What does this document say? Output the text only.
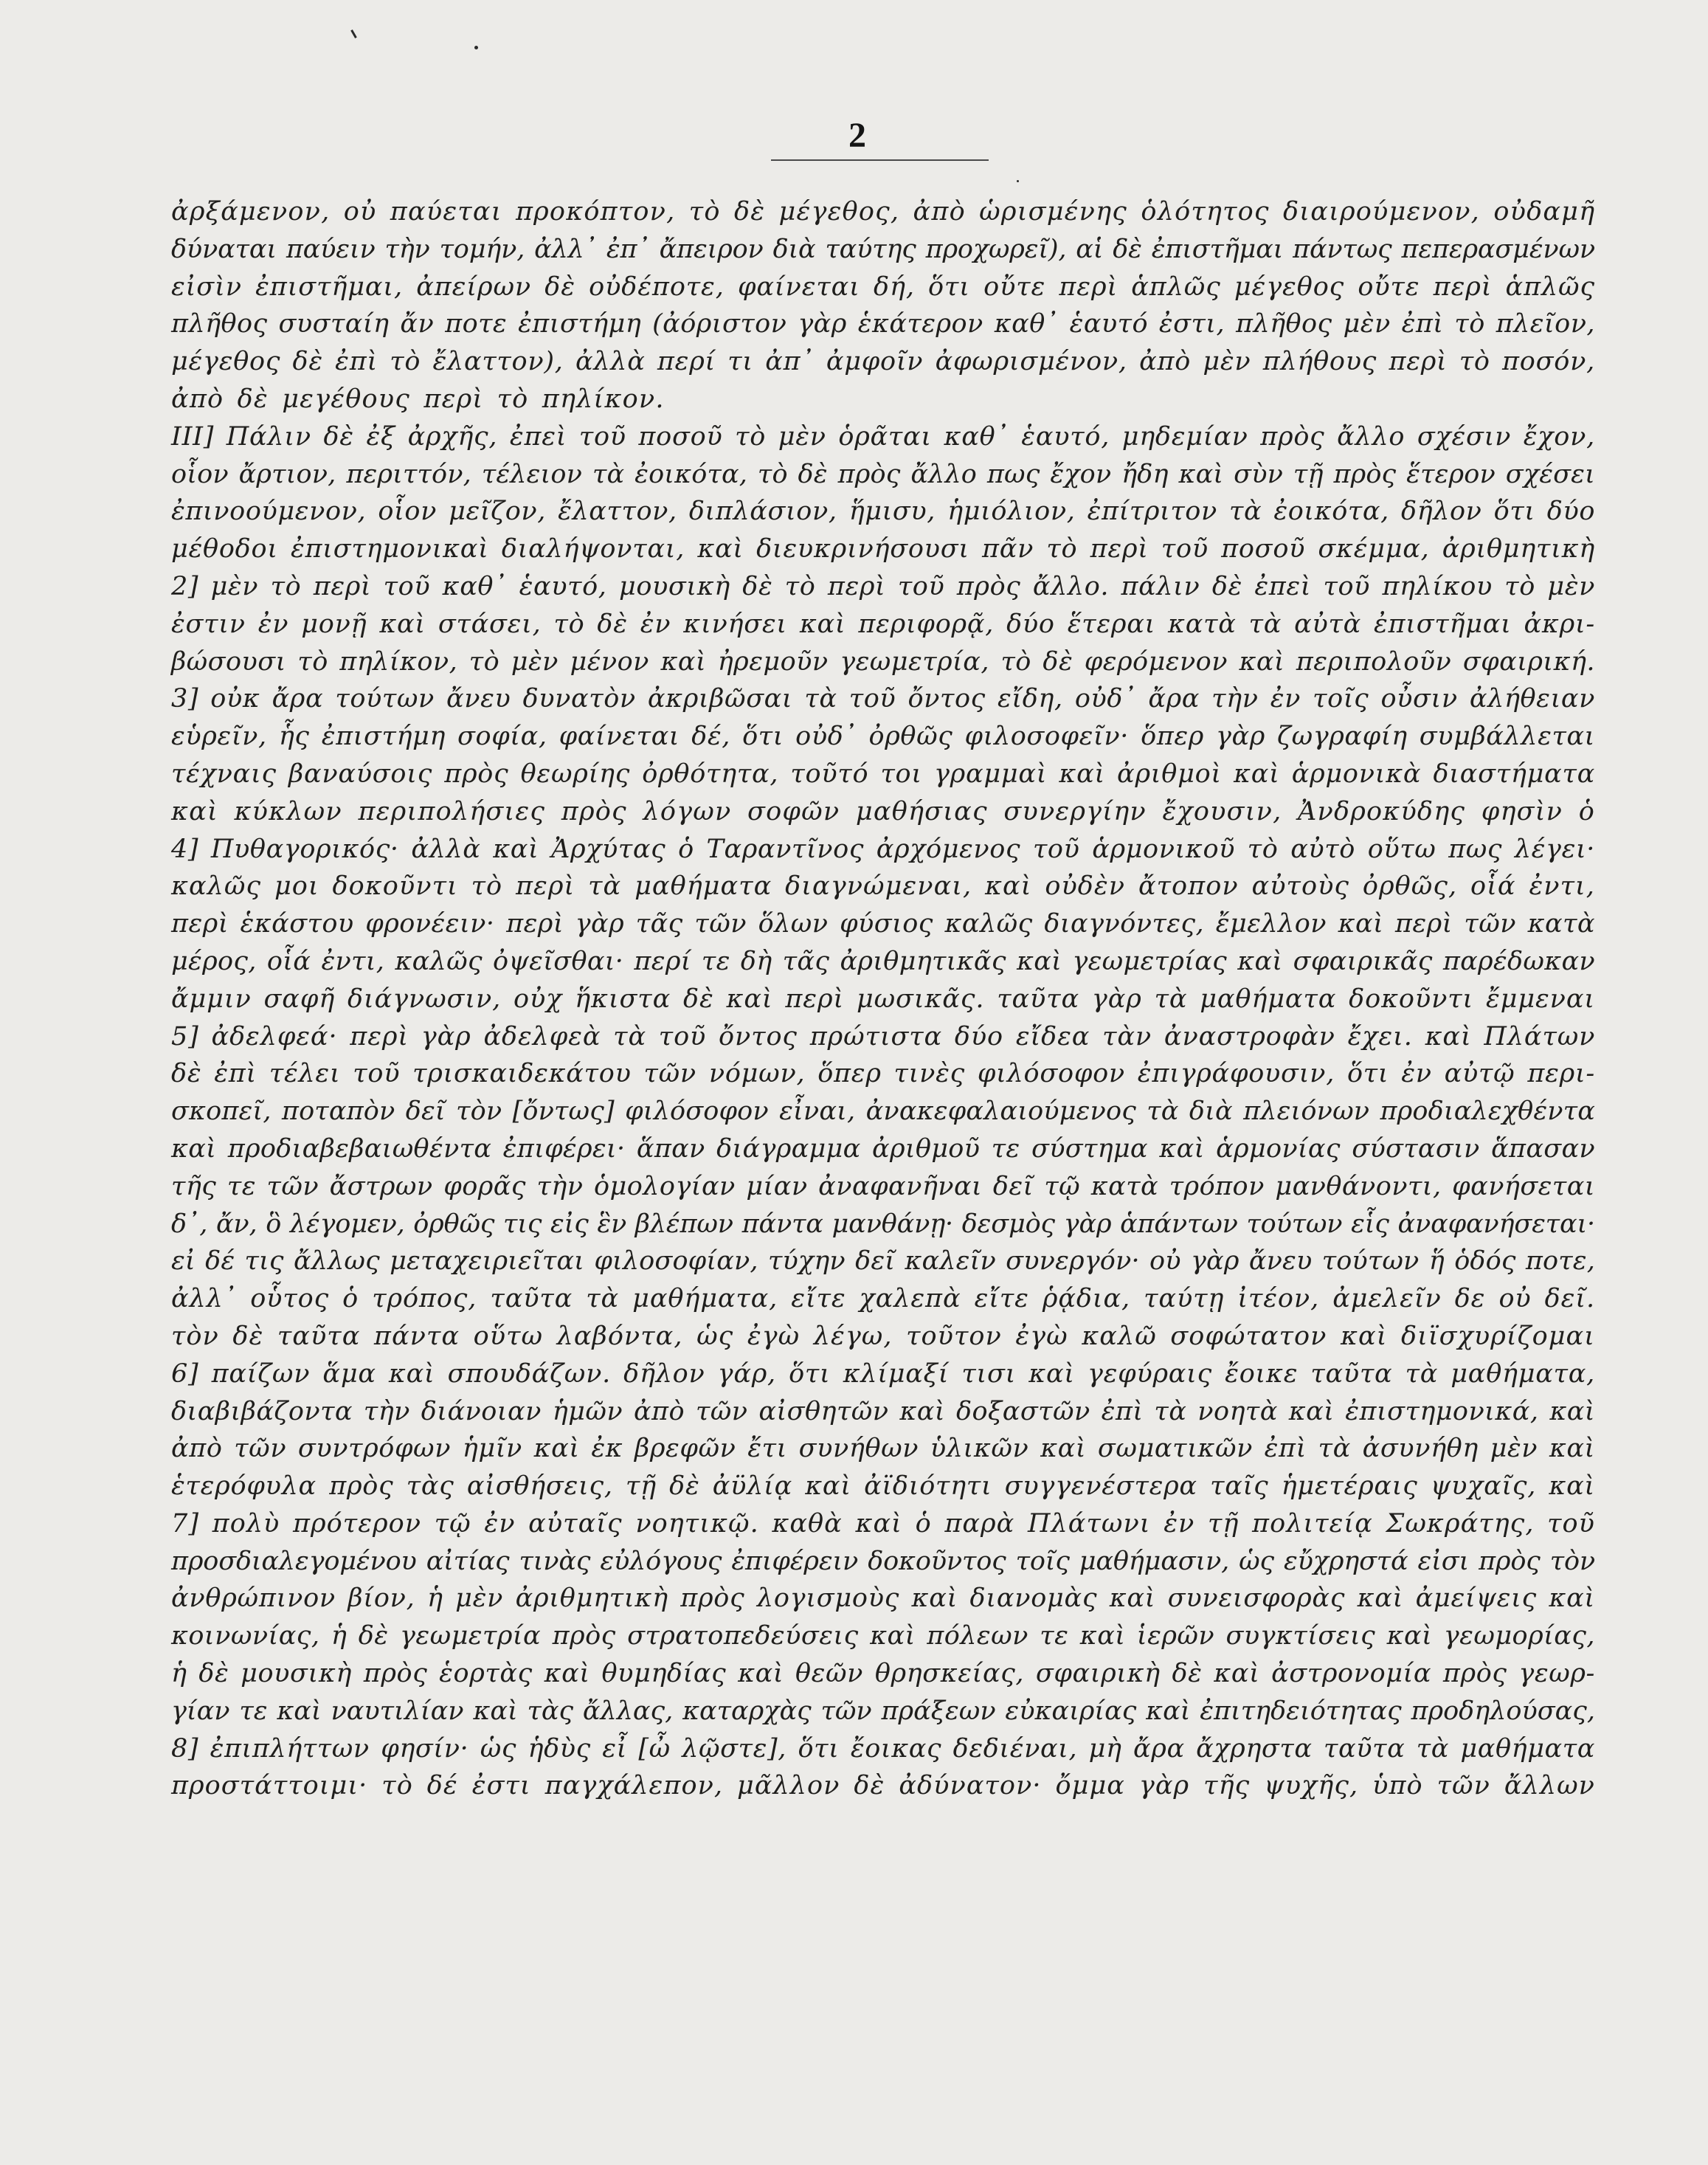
2
ἀρξάμενον, οὐ παύεται προκόπτον, τὸ δὲ μέγεθος, ἀπὸ ὡρισμένης ὁλότητος διαιρούμενον, οὐδαμῆ
δύναται παύειν τὴν τομήν, ἀλλ᾽ ἐπ᾽ ἄπειρον διὰ ταύτης προχωρεῖ), αἱ δὲ ἐπιστῆμαι πάντως πεπερασμένων
εἰσὶν ἐπιστῆμαι, ἀπείρων δὲ οὐδέποτε, φαίνεται δή, ὅτι οὔτε περὶ ἁπλῶς μέγεθος οὔτε περὶ ἁπλῶς
πλῆθος συσταίη ἄν ποτε ἐπιστήμη (ἀόριστον γὰρ ἑκάτερον καθ᾽ ἑαυτό ἐστι, πλῆθος μὲν ἐπὶ τὸ πλεῖον,
μέγεθος δὲ ἐπὶ τὸ ἔλαττον), ἀλλὰ περί τι ἀπ᾽ ἀμφοῖν ἀφωρισμένον, ἀπὸ μὲν πλήθους περὶ τὸ ποσόν,
ἀπὸ δὲ μεγέθους περὶ τὸ πηλίκον.
III] Πάλιν δὲ ἐξ ἀρχῆς, ἐπεὶ τοῦ ποσοῦ τὸ μὲν ὁρᾶται καθ᾽ ἑαυτό, μηδεμίαν πρὸς ἄλλο σχέσιν ἔχον,
οἷον ἄρτιον, περιττόν, τέλειον τὰ ἐοικότα, τὸ δὲ πρὸς ἄλλο πως ἔχον ἤδη καὶ σὺν τῇ πρὸς ἕτερον σχέσει
ἐπινοούμενον, οἷον μεῖζον, ἔλαττον, διπλάσιον, ἥμισυ, ἡμιόλιον, ἐπίτριτον τὰ ἐοικότα, δῆλον ὅτι δύο
μέθοδοι ἐπιστημονικαὶ διαλήψονται, καὶ διευκρινήσουσι πᾶν τὸ περὶ τοῦ ποσοῦ σκέμμα, ἀριθμητικὴ
2] μὲν τὸ περὶ τοῦ καθ᾽ ἑαυτό, μουσικὴ δὲ τὸ περὶ τοῦ πρὸς ἄλλο. πάλιν δὲ ἐπεὶ τοῦ πηλίκου τὸ μὲν
ἐστιν ἐν μονῇ καὶ στάσει, τὸ δὲ ἐν κινήσει καὶ περιφορᾷ, δύο ἕτεραι κατὰ τὰ αὐτὰ ἐπιστῆμαι ἀκρι-
βώσουσι τὸ πηλίκον, τὸ μὲν μένον καὶ ἠρεμοῦν γεωμετρία, τὸ δὲ φερόμενον καὶ περιπολοῦν σφαιρική.
3] οὐκ ἄρα τούτων ἄνευ δυνατὸν ἀκριβῶσαι τὰ τοῦ ὄντος εἴδη, οὐδ᾽ ἄρα τὴν ἐν τοῖς οὖσιν ἀλήθειαν
εὑρεῖν, ἧς ἐπιστήμη σοφία, φαίνεται δέ, ὅτι οὐδ᾽ ὀρθῶς φιλοσοφεῖν· ὅπερ γὰρ ζωγραφίη συμβάλλεται
τέχναις βαναύσοις πρὸς θεωρίης ὀρθότητα, τοῦτό τοι γραμμαὶ καὶ ἀριθμοὶ καὶ ἁρμονικὰ διαστήματα
καὶ κύκλων περιπολήσιες πρὸς λόγων σοφῶν μαθήσιας συνεργίην ἔχουσιν, Ἀνδροκύδης φησὶν ὁ
4] Πυθαγορικός· ἀλλὰ καὶ Ἀρχύτας ὁ Ταραντῖνος ἀρχόμενος τοῦ ἁρμονικοῦ τὸ αὐτὸ οὕτω πως λέγει·
καλῶς μοι δοκοῦντι τὸ περὶ τὰ μαθήματα διαγνώμεναι, καὶ οὐδὲν ἄτοπον αὐτοὺς ὀρθῶς, οἷά ἐντι,
περὶ ἑκάστου φρονέειν· περὶ γὰρ τᾶς τῶν ὅλων φύσιος καλῶς διαγνόντες, ἔμελλον καὶ περὶ τῶν κατὰ
μέρος, οἷά ἐντι, καλῶς ὀψεῖσθαι· περί τε δὴ τᾶς ἀριθμητικᾶς καὶ γεωμετρίας καὶ σφαιρικᾶς παρέδωκαν
ἄμμιν σαφῆ διάγνωσιν, οὐχ ἥκιστα δὲ καὶ περὶ μωσικᾶς. ταῦτα γὰρ τὰ μαθήματα δοκοῦντι ἔμμεναι
5] ἀδελφεά· περὶ γὰρ ἀδελφεὰ τὰ τοῦ ὄντος πρώτιστα δύο εἴδεα τὰν ἀναστροφὰν ἔχει. καὶ Πλάτων
δὲ ἐπὶ τέλει τοῦ τρισκαιδεκάτου τῶν νόμων, ὅπερ τινὲς φιλόσοφον ἐπιγράφουσιν, ὅτι ἐν αὐτῷ περι-
σκοπεῖ, ποταπὸν δεῖ τὸν [ὄντως] φιλόσοφον εἶναι, ἀνακεφαλαιούμενος τὰ διὰ πλειόνων προδιαλεχθέντα
καὶ προδιαβεβαιωθέντα ἐπιφέρει· ἅπαν διάγραμμα ἀριθμοῦ τε σύστημα καὶ ἁρμονίας σύστασιν ἅπασαν
τῆς τε τῶν ἄστρων φορᾶς τὴν ὁμολογίαν μίαν ἀναφανῆναι δεῖ τῷ κατὰ τρόπον μανθάνοντι, φανήσεται
δ᾽, ἄν, ὃ λέγομεν, ὀρθῶς τις εἰς ἓν βλέπων πάντα μανθάνῃ· δεσμὸς γὰρ ἁπάντων τούτων εἷς ἀναφανήσεται·
εἰ δέ τις ἄλλως μεταχειριεῖται φιλοσοφίαν, τύχην δεῖ καλεῖν συνεργόν· οὐ γὰρ ἄνευ τούτων ἥ ὁδός ποτε,
ἀλλ᾽ οὗτος ὁ τρόπος, ταῦτα τὰ μαθήματα, εἴτε χαλεπὰ εἴτε ῥᾴδια, ταύτῃ ἰτέον, ἀμελεῖν δε οὐ δεῖ.
τὸν δὲ ταῦτα πάντα οὕτω λαβόντα, ὡς ἐγὼ λέγω, τοῦτον ἐγὼ καλῶ σοφώτατον καὶ διϊσχυρίζομαι
6] παίζων ἅμα καὶ σπουδάζων. δῆλον γάρ, ὅτι κλίμαξί τισι καὶ γεφύραις ἔοικε ταῦτα τὰ μαθήματα,
διαβιβάζοντα τὴν διάνοιαν ἡμῶν ἀπὸ τῶν αἰσθητῶν καὶ δοξαστῶν ἐπὶ τὰ νοητὰ καὶ ἐπιστημονικά, καὶ
ἀπὸ τῶν συντρόφων ἡμῖν καὶ ἐκ βρεφῶν ἔτι συνήθων ὑλικῶν καὶ σωματικῶν ἐπὶ τὰ ἀσυνήθη μὲν καὶ
ἑτερόφυλα πρὸς τὰς αἰσθήσεις, τῇ δὲ ἀϋλίᾳ καὶ ἀϊδιότητι συγγενέστερα ταῖς ἡμετέραις ψυχαῖς, καὶ
7] πολὺ πρότερον τῷ ἐν αὐταῖς νοητικῷ. καθὰ καὶ ὁ παρὰ Πλάτωνι ἐν τῇ πολιτείᾳ Σωκράτης, τοῦ
προσδιαλεγομένου αἰτίας τινὰς εὐλόγους ἐπιφέρειν δοκοῦντος τοῖς μαθήμασιν, ὡς εὔχρηστά εἰσι πρὸς τὸν
ἀνθρώπινον βίον, ἡ μὲν ἀριθμητικὴ πρὸς λογισμοὺς καὶ διανομὰς καὶ συνεισφορὰς καὶ ἀμείψεις καὶ
κοινωνίας, ἡ δὲ γεωμετρία πρὸς στρατοπεδεύσεις καὶ πόλεων τε καὶ ἱερῶν συγκτίσεις καὶ γεωμορίας,
ἡ δὲ μουσικὴ πρὸς ἑορτὰς καὶ θυμηδίας καὶ θεῶν θρησκείας, σφαιρικὴ δὲ καὶ ἀστρονομία πρὸς γεωρ-
γίαν τε καὶ ναυτιλίαν καὶ τὰς ἄλλας, καταρχὰς τῶν πράξεων εὐκαιρίας καὶ ἐπιτηδειότητας προδηλούσας,
8] ἐπιπλήττων φησίν· ὡς ἡδὺς εἶ [ὦ λῷστε], ὅτι ἔοικας δεδιέναι, μὴ ἄρα ἄχρηστα ταῦτα τὰ μαθήματα
προστάττοιμι· τὸ δέ ἐστι παγχάλεπον, μᾶλλον δὲ ἀδύνατον· ὄμμα γὰρ τῆς ψυχῆς, ὑπὸ τῶν ἄλλων
